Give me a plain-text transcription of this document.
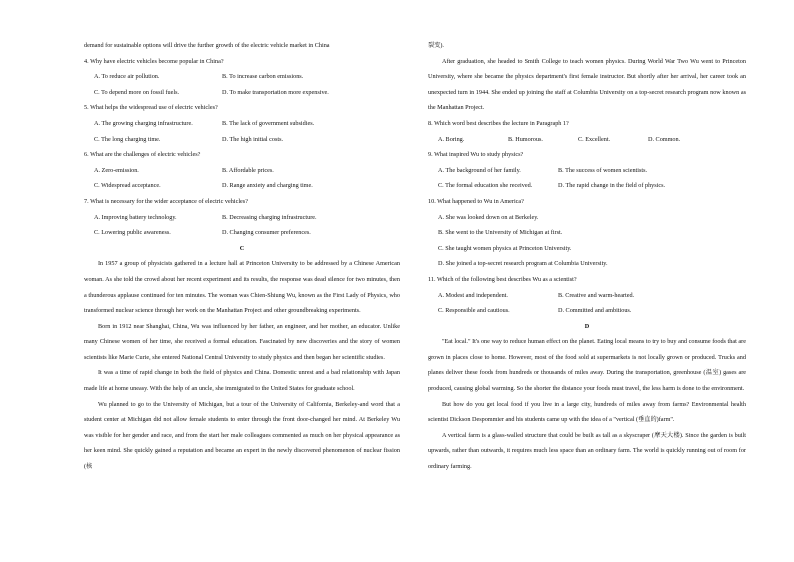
demand for sustainable options will drive the further growth of the electric vehicle market in China

4. Why have electric vehicles become popular in China?

A. To reduce air pollution.	B. To increase carbon emissions.
C. To depend more on fossil fuels.	D. To make transportation more expensive.

5. What helps the widespread use of electric vehicles?

A. The growing charging infrastructure.	B. The lack of government subsidies.
C. The long charging time.	D. The high initial costs.

6. What are the challenges of electric vehicles?

A. Zero-emission.	B. Affordable prices.
C. Widespread acceptance.	D. Range anxiety and charging time.

7. What is necessary for the wider acceptance of electric vehicles?

A. Improving battery technology.	B. Decreasing charging infrastructure.
C. Lowering public awareness.	D. Changing consumer preferences.

C

In 1957 a group of physicists gathered in a lecture hall at Princeton University to be addressed by a Chinese American woman. As she told the crowd about her recent experiment and its results, the response was dead silence for two minutes, then a thunderous applause continued for ten minutes. The woman was Chien-Shiung Wu, known as the First Lady of Physics, who transformed nuclear science through her work on the Manhattan Project and other groundbreaking experiments.

Born in 1912 near Shanghai, China, Wu was influenced by her father, an engineer, and her mother, an educator. Unlike many Chinese women of her time, she received a formal education. Fascinated by new discoveries and the story of women scientists like Marie Curie, she entered National Central University to study physics and then began her scientific studies.

It was a time of rapid change in both the field of physics and China. Domestic unrest and a bad relationship with Japan made life at home uneasy. With the help of an uncle, she immigrated to the United States for graduate school.

Wu planned to go to the University of Michigan, but a tour of the University of California, Berkeley-and word that a student center at Michigan did not allow female students to enter through the front door-changed her mind. At Berkeley Wu was visible for her gender and race, and from the start her male colleagues commented as much on her physical appearance as her keen mind. She quickly gained a reputation and became an expert in the newly discovered phenomenon of nuclear fission (核

裂变).

After graduation, she headed to Smith College to teach women physics. During World War Two Wu went to Princeton University, where she became the physics department's first female instructor. But shortly after her arrival, her career took an unexpected turn in 1944. She ended up joining the staff at Columbia University on a top-secret research program now known as the Manhattan Project.

8. Which word best describes the lecture in Paragraph 1?

A. Boring.	B. Humorous.	C. Excellent.	D. Common.

9. What inspired Wu to study physics?

A. The background of her family.	B. The success of women scientists.
C. The formal education she received.	D. The rapid change in the field of physics.

10. What happened to Wu in America?

A. She was looked down on at Berkeley.

B. She went to the University of Michigan at first.

C. She taught women physics at Princeton University.

D. She joined a top-secret research program at Columbia University.

11. Which of the following best describes Wu as a scientist?

A. Modest and independent.	B. Creative and warm-hearted.
C. Responsible and cautious.	D. Committed and ambitious.

D

"Eat local." It's one way to reduce human effect on the planet. Eating local means to try to buy and consume foods that are grown in places close to home. However, most of the food sold at supermarkets is not locally grown or produced. Trucks and planes deliver these foods from hundreds or thousands of miles away. During the transportation, greenhouse (温室) gases are produced, causing global warming. So the shorter the distance your foods must travel, the less harm is done to the environment.

But how do you get local food if you live in a large city, hundreds of miles away from farms? Environmental health scientist Dickson Despommier and his students came up with the idea of a "vertical (垂直的)farm".

A vertical farm is a glass-walled structure that could be built as tall as a skyscraper (摩天大楼). Since the garden is built upwards, rather than outwards, it requires much less space than an ordinary farm. The world is quickly running out of room for ordinary farming.
